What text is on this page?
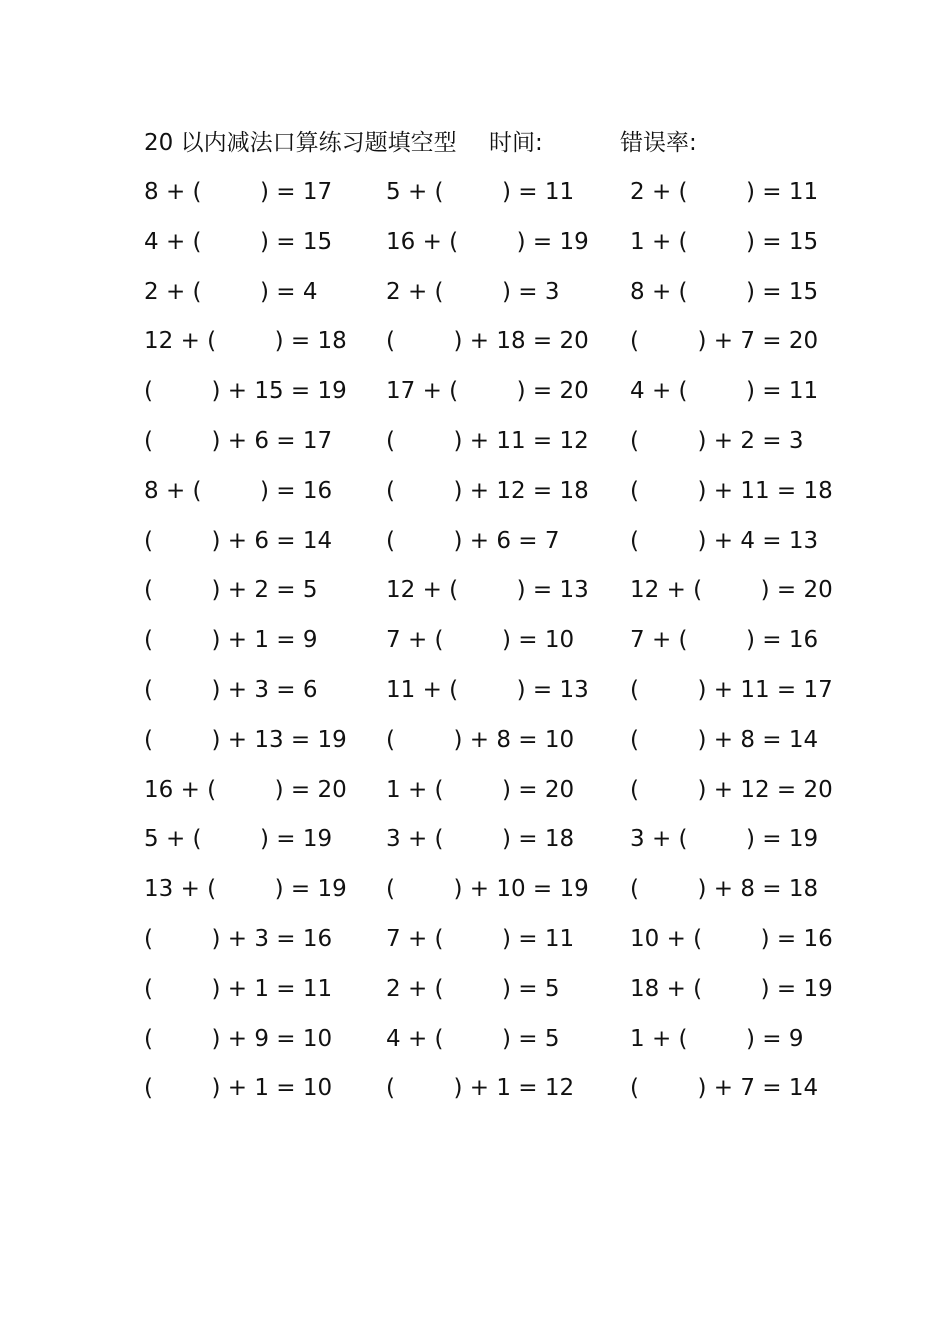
20 以内减法口算练习题填空型 时间:	错误率:
8 + (        ) = 17
4 + (        ) = 15
2 + (        ) = 4
12 + (        ) = 18
(        ) + 15 = 19
(        ) + 6 = 17
8 + (        ) = 16
(        ) + 6 = 14
(        ) + 2 = 5
(        ) + 1 = 9
(        ) + 3 = 6
(        ) + 13 = 19
16 + (        ) = 20
5 + (        ) = 19
13 + (        ) = 19
(        ) + 3 = 16
(        ) + 1 = 11
(        ) + 9 = 10
(        ) + 1 = 10
5 + (        ) = 11
16 + (        ) = 19
2 + (        ) = 3
(        ) + 18 = 20
17 + (        ) = 20
(        ) + 11 = 12
(        ) + 12 = 18
(        ) + 6 = 7
12 + (        ) = 13
7 + (        ) = 10
11 + (        ) = 13
(        ) + 8 = 10
1 + (        ) = 20
3 + (        ) = 18
(        ) + 10 = 19
7 + (        ) = 11
2 + (        ) = 5
4 + (        ) = 5
(        ) + 1 = 12
2 + (        ) = 11
1 + (        ) = 15
8 + (        ) = 15
(        ) + 7 = 20
4 + (        ) = 11
(        ) + 2 = 3
(        ) + 11 = 18
(        ) + 4 = 13
12 + (        ) = 20
7 + (        ) = 16
(        ) + 11 = 17
(        ) + 8 = 14
(        ) + 12 = 20
3 + (        ) = 19
(        ) + 8 = 18
10 + (        ) = 16
18 + (        ) = 19
1 + (        ) = 9
(        ) + 7 = 14
